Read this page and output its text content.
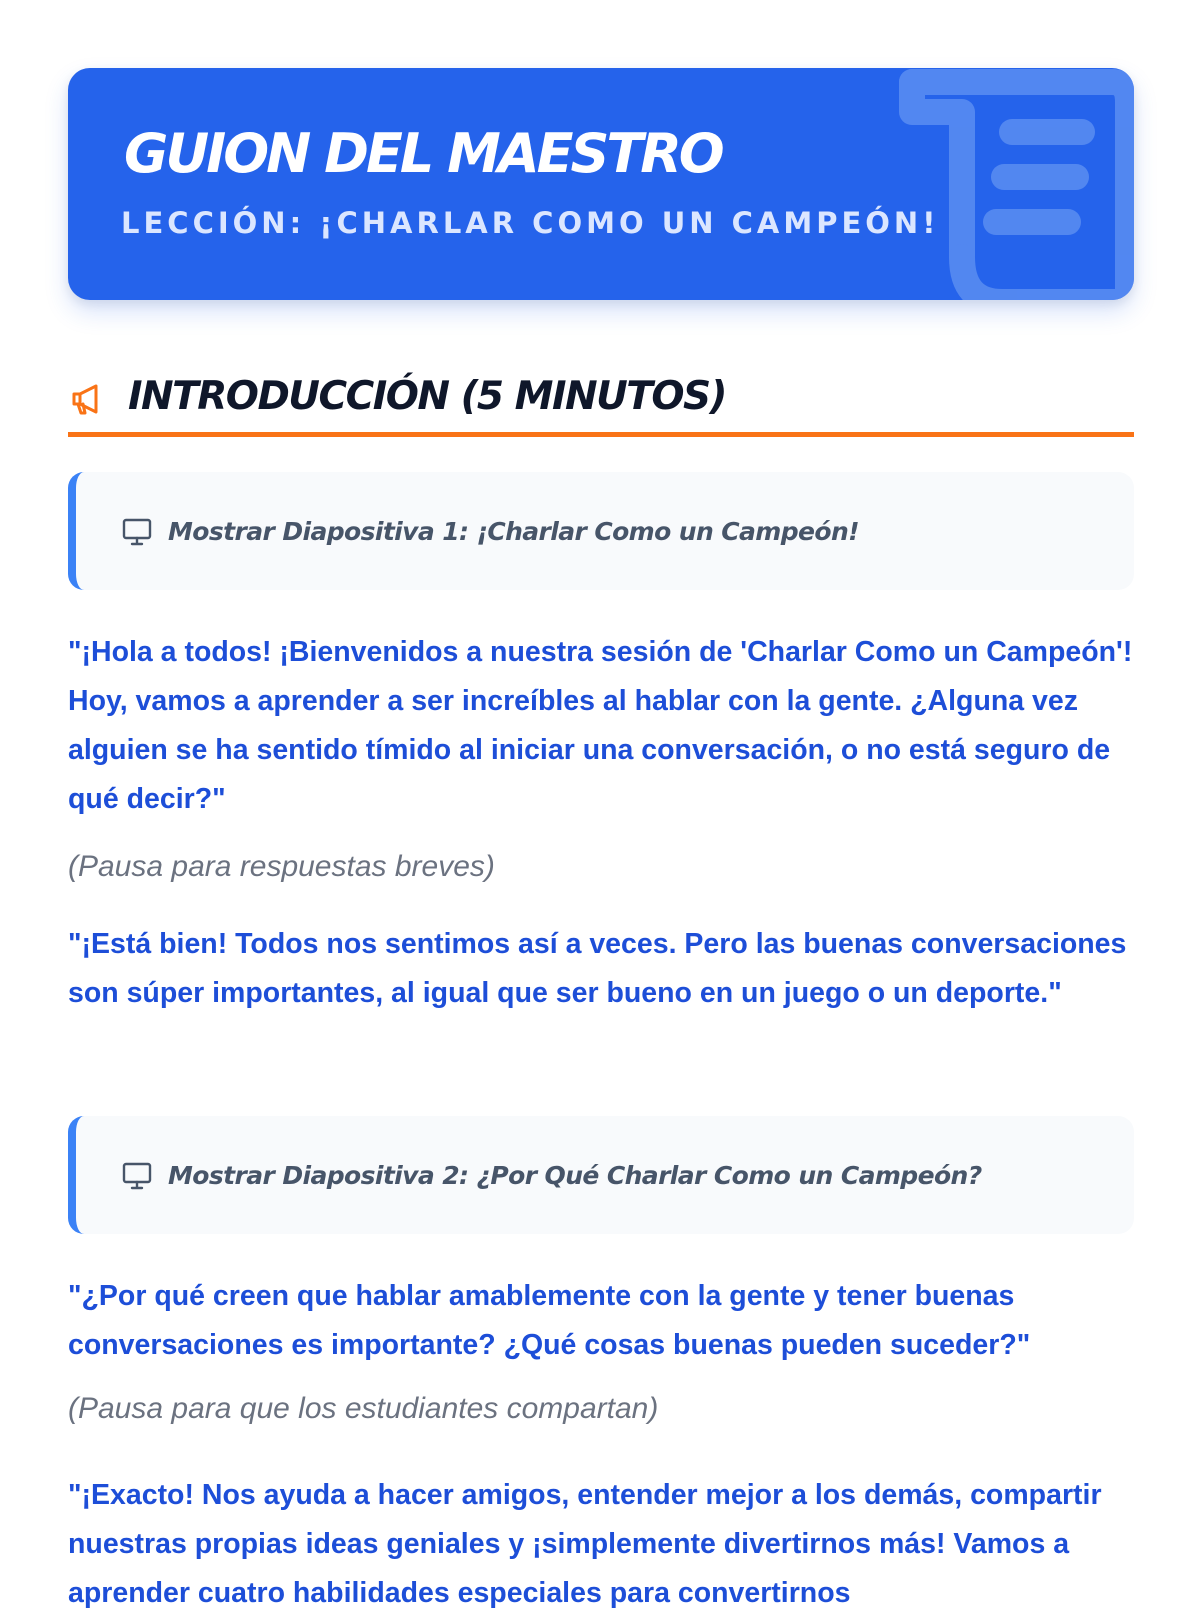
GUION DEL MAESTRO
LECCIÓN: ¡CHARLAR COMO UN CAMPEÓN!
INTRODUCCIÓN (5 MINUTOS)

Mostrar Diapositiva 1: ¡Charlar Como un Campeón!

"¡Hola a todos! ¡Bienvenidos a nuestra sesión de 'Charlar Como un Campeón'! Hoy, vamos a aprender a ser increíbles al hablar con la gente. ¿Alguna vez alguien se ha sentido tímido al iniciar una conversación, o no está seguro de qué decir?"

(Pausa para respuestas breves)

"¡Está bien! Todos nos sentimos así a veces. Pero las buenas conversaciones son súper importantes, al igual que ser bueno en un juego o un deporte."

Mostrar Diapositiva 2: ¿Por Qué Charlar Como un Campeón?

"¿Por qué creen que hablar amablemente con la gente y tener buenas conversaciones es importante? ¿Qué cosas buenas pueden suceder?"

(Pausa para que los estudiantes compartan)

"¡Exacto! Nos ayuda a hacer amigos, entender mejor a los demás, compartir nuestras propias ideas geniales y ¡simplemente divertirnos más! Vamos a aprender cuatro habilidades especiales para convertirnos
